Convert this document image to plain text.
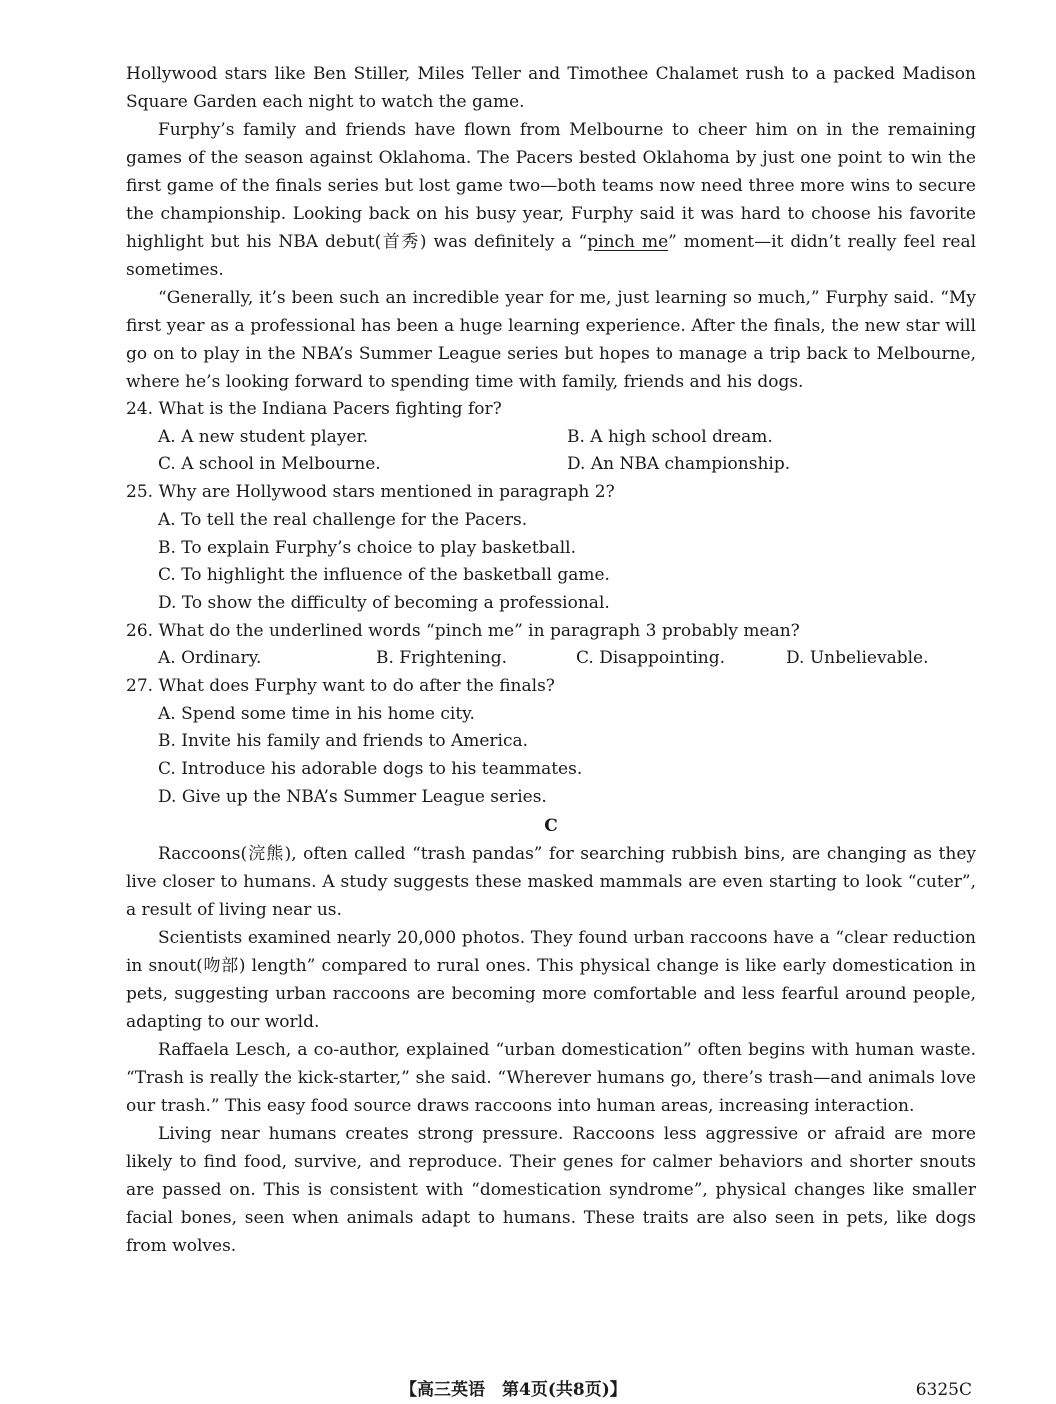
Hollywood stars like Ben Stiller, Miles Teller and Timothee Chalamet rush to a packed Madison Square Garden each night to watch the game.

Furphy’s family and friends have flown from Melbourne to cheer him on in the remaining games of the season against Oklahoma. The Pacers bested Oklahoma by just one point to win the first game of the finals series but lost game two—both teams now need three more wins to secure the championship. Looking back on his busy year, Furphy said it was hard to choose his favorite highlight but his NBA debut(首秀) was definitely a “pinch me” moment—it didn’t really feel real sometimes.

“Generally, it’s been such an incredible year for me, just learning so much,” Furphy said. “My first year as a professional has been a huge learning experience. After the finals, the new star will go on to play in the NBA’s Summer League series but hopes to manage a trip back to Melbourne, where he’s looking forward to spending time with family, friends and his dogs.

24. What is the Indiana Pacers fighting for?
A. A new student player.	B. A high school dream.
C. A school in Melbourne.	D. An NBA championship.
25. Why are Hollywood stars mentioned in paragraph 2?
A. To tell the real challenge for the Pacers.
B. To explain Furphy’s choice to play basketball.
C. To highlight the influence of the basketball game.
D. To show the difficulty of becoming a professional.
26. What do the underlined words “pinch me” in paragraph 3 probably mean?
A. Ordinary.	B. Frightening.	C. Disappointing.	D. Unbelievable.
27. What does Furphy want to do after the finals?
A. Spend some time in his home city.
B. Invite his family and friends to America.
C. Introduce his adorable dogs to his teammates.
D. Give up the NBA’s Summer League series.
C

Raccoons(浣熊), often called “trash pandas” for searching rubbish bins, are changing as they live closer to humans. A study suggests these masked mammals are even starting to look “cuter”, a result of living near us.

Scientists examined nearly 20,000 photos. They found urban raccoons have a “clear reduction in snout(吻部) length” compared to rural ones. This physical change is like early domestication in pets, suggesting urban raccoons are becoming more comfortable and less fearful around people, adapting to our world.

Raffaela Lesch, a co-author, explained “urban domestication” often begins with human waste. “Trash is really the kick-starter,” she said. “Wherever humans go, there’s trash—and animals love our trash.” This easy food source draws raccoons into human areas, increasing interaction.

Living near humans creates strong pressure. Raccoons less aggressive or afraid are more likely to find food, survive, and reproduce. Their genes for calmer behaviors and shorter snouts are passed on. This is consistent with “domestication syndrome”, physical changes like smaller facial bones, seen when animals adapt to humans. These traits are also seen in pets, like dogs from wolves.

【高三英语　第4页(共8页)】	6325C
